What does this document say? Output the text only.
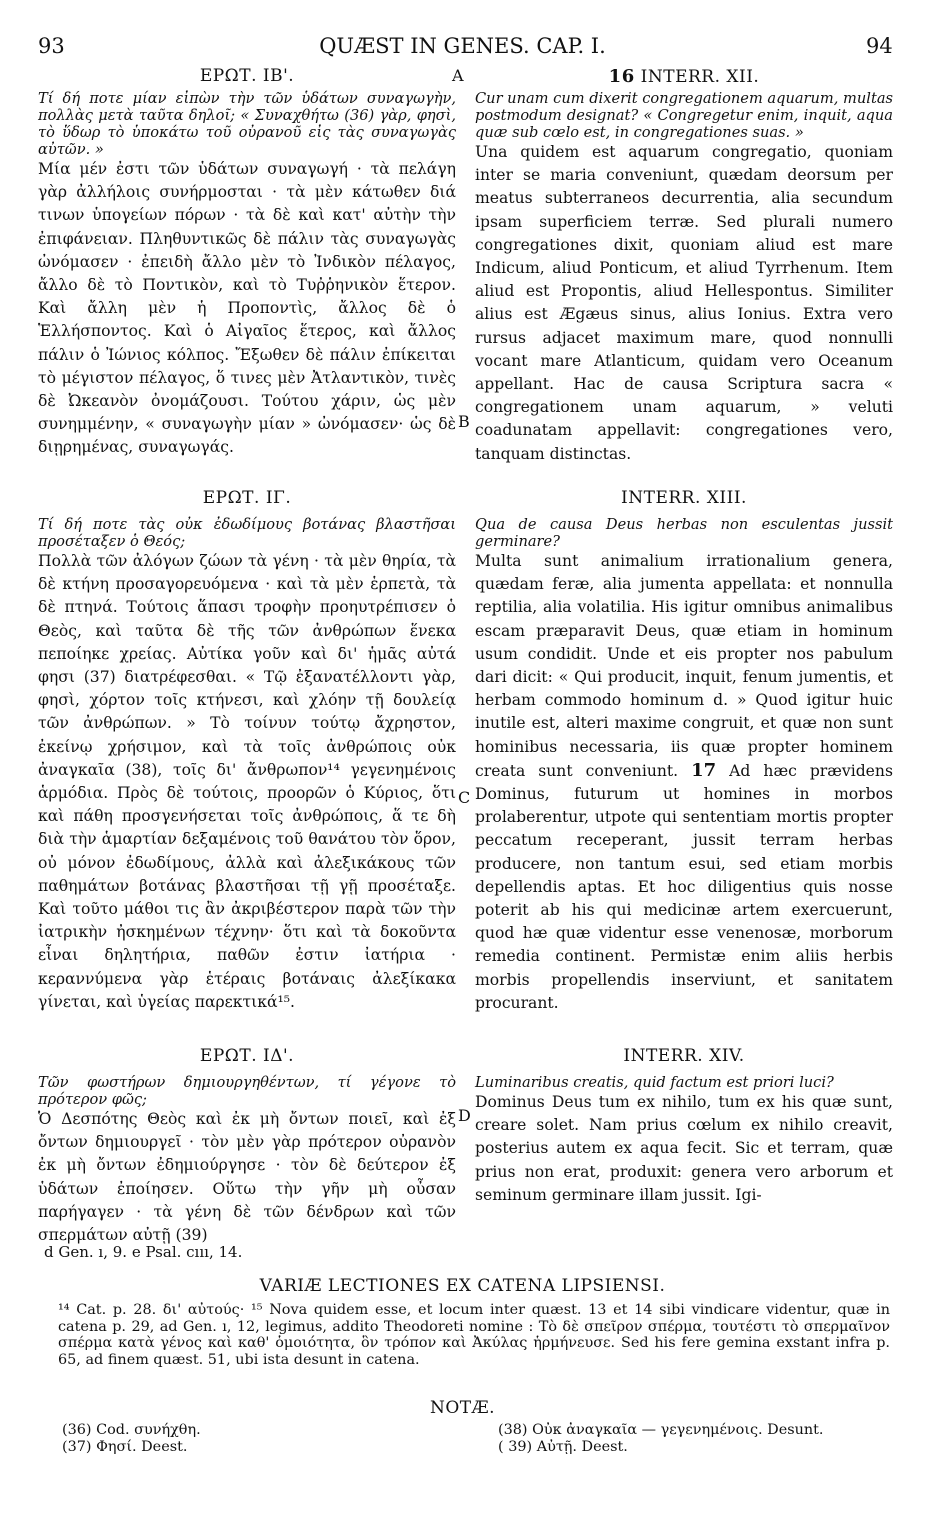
93	QUÆST IN GENES. CAP. I.	94
A
B
C
D
ΕΡΩΤ. ΙΒ'.	16 INTERR. XII.

Τί δή ποτε μίαν εἰπὼν τὴν τῶν ὑδάτων συναγωγὴν, πολλὰς μετὰ ταῦτα δηλοῖ; « Συναχθήτω (36) γὰρ, φησὶ, τὸ ὕδωρ τὸ ὑποκάτω τοῦ οὐρανοῦ εἰς τὰς συναγωγὰς αὐτῶν. »

Μία μέν ἐστι τῶν ὑδάτων συναγωγή · τὰ πελάγη γὰρ ἀλλήλοις συνήρμοσται · τὰ μὲν κάτωθεν διά τινων ὑπογείων πόρων · τὰ δὲ καὶ κατ' αὐτὴν τὴν ἐπιφάνειαν. Πληθυντικῶς δὲ πάλιν τὰς συναγωγὰς ὠνόμασεν · ἐπειδὴ ἄλλο μὲν τὸ Ἰνδικὸν πέλαγος, ἄλλο δὲ τὸ Ποντικὸν, καὶ τὸ Τυῤῥηνικὸν ἕτερον. Καὶ ἄλλη μὲν ἡ Προποντὶς, ἄλλος δὲ ὁ Ἑλλήσποντος. Καὶ ὁ Αἰγαῖος ἕτερος, καὶ ἄλλος πάλιν ὁ Ἰώνιος κόλπος. Ἔξωθεν δὲ πάλιν ἐπίκειται τὸ μέγιστον πέλαγος, ὅ τινες μὲν Ἀτλαντικὸν, τινὲς δὲ Ὠκεανὸν ὀνομάζουσι. Τούτου χάριν, ὡς μὲν συνημμένην, « συναγωγὴν μίαν » ὠνόμασεν· ὡς δὲ διῃρημένας, συναγωγάς.

Cur unam cum dixerit congregationem aquarum, multas postmodum designat? « Congregetur enim, inquit, aqua quæ sub cœlo est, in congregationes suas. »

Una quidem est aquarum congregatio, quoniam inter se maria conveniunt, quædam deorsum per meatus subterraneos decurrentia, alia secundum ipsam superficiem terræ. Sed plurali numero congregationes dixit, quoniam aliud est mare Indicum, aliud Ponticum, et aliud Tyrrhenum. Item aliud est Propontis, aliud Hellespontus. Similiter alius est Ægæus sinus, alius Ionius. Extra vero rursus adjacet maximum mare, quod nonnulli vocant mare Atlanticum, quidam vero Oceanum appellant. Hac de causa Scriptura sacra « congregationem unam aquarum, » veluti coadunatam appellavit: congregationes vero, tanquam distinctas.

ΕΡΩΤ. ΙΓ.	INTERR. XIII.

Τί δή ποτε τὰς οὐκ ἐδωδίμους βοτάνας βλαστῆσαι προσέταξεν ὁ Θεός;

Πολλὰ τῶν ἀλόγων ζώων τὰ γένη · τὰ μὲν θηρία, τὰ δὲ κτήνη προσαγορευόμενα · καὶ τὰ μὲν ἑρπετὰ, τὰ δὲ πτηνά. Τούτοις ἅπασι τροφὴν προηυτρέπισεν ὁ Θεὸς, καὶ ταῦτα δὲ τῆς τῶν ἀνθρώπων ἕνεκα πεποίηκε χρείας. Αὐτίκα γοῦν καὶ δι' ἡμᾶς αὐτά φησι (37) διατρέφεσθαι. « Τῷ ἐξανατέλλοντι γὰρ, φησὶ, χόρτον τοῖς κτήνεσι, καὶ χλόην τῇ δουλείᾳ τῶν ἀνθρώπων. » Τὸ τοίνυν τούτῳ ἄχρηστον, ἐκείνῳ χρήσιμον, καὶ τὰ τοῖς ἀνθρώποις οὐκ ἀναγκαῖα (38), τοῖς δι' ἄνθρωπον¹⁴ γεγενημένοις ἁρμόδια. Πρὸς δὲ τούτοις, προορῶν ὁ Κύριος, ὅτι καὶ πάθη προσγενήσεται τοῖς ἀνθρώποις, ἅ τε δὴ διὰ τὴν ἁμαρτίαν δεξαμένοις τοῦ θανάτου τὸν ὅρον, οὐ μόνον ἐδωδίμους, ἀλλὰ καὶ ἀλεξικάκους τῶν παθημάτων βοτάνας βλαστῆσαι τῇ γῇ προσέταξε. Καὶ τοῦτο μάθοι τις ἂν ἀκριβέστερον παρὰ τῶν τὴν ἰατρικὴν ἠσκημένων τέχνην· ὅτι καὶ τὰ δοκοῦντα εἶναι δηλητήρια, παθῶν ἐστιν ἰατήρια · κεραννύμενα γὰρ ἑτέραις βοτάναις ἀλεξίκακα γίνεται, καὶ ὑγείας παρεκτικά¹⁵.

Qua de causa Deus herbas non esculentas jussit germinare?

Multa sunt animalium irrationalium genera, quædam feræ, alia jumenta appellata: et nonnulla reptilia, alia volatilia. His igitur omnibus animalibus escam præparavit Deus, quæ etiam in hominum usum condidit. Unde et eis propter nos pabulum dari dicit: « Qui producit, inquit, fenum jumentis, et herbam commodo hominum d. » Quod igitur huic inutile est, alteri maxime congruit, et quæ non sunt hominibus necessaria, iis quæ propter hominem creata sunt conveniunt. 17 Ad hæc prævidens Dominus, futurum ut homines in morbos prolaberentur, utpote qui sententiam mortis propter peccatum receperant, jussit terram herbas producere, non tantum esui, sed etiam morbis depellendis aptas. Et hoc diligentius quis nosse poterit ab his qui medicinæ artem exercuerunt, quod hæ quæ videntur esse venenosæ, morborum remedia continent. Permistæ enim aliis herbis morbis propellendis inserviunt, et sanitatem procurant.

ΕΡΩΤ. ΙΔ'.	INTERR. XIV.

Τῶν φωστήρων δημιουργηθέντων, τί γέγονε τὸ πρότερον φῶς;

Ὁ Δεσπότης Θεὸς καὶ ἐκ μὴ ὄντων ποιεῖ, καὶ ἐξ ὄντων δημιουργεῖ · τὸν μὲν γὰρ πρότερον οὐρανὸν ἐκ μὴ ὄντων ἐδημιούργησε · τὸν δὲ δεύτερον ἐξ ὑδάτων ἐποίησεν. Οὕτω τὴν γῆν μὴ οὖσαν παρήγαγεν · τὰ γένη δὲ τῶν δένδρων καὶ τῶν σπερμάτων αὐτῇ (39)

Luminaribus creatis, quid factum est priori luci?

Dominus Deus tum ex nihilo, tum ex his quæ sunt, creare solet. Nam prius cœlum ex nihilo creavit, posterius autem ex aqua fecit. Sic et terram, quæ prius non erat, produxit: genera vero arborum et seminum germinare illam jussit. Igi-

d Gen. ı, 9. e Psal. cııı, 14.
VARIÆ LECTIONES EX CATENA LIPSIENSI.
¹⁴ Cat. p. 28. δι' αὐτούς· ¹⁵ Nova quidem esse, et locum inter quæst. 13 et 14 sibi vindicare videntur, quæ in catena p. 29, ad Gen. ı, 12, legimus, addito Theodoreti nomine : Τὸ δὲ σπεῖρον σπέρμα, τουτέστι τὸ σπερμαῖνον σπέρμα κατὰ γένος καὶ καθ' ὁμοιότητα, ὃν τρόπον καὶ Ἀκύλας ἡρμήνευσε. Sed his fere gemina exstant infra p. 65, ad finem quæst. 51, ubi ista desunt in catena.
NOTÆ.
(36) Cod. συνήχθη.
(37) Φησί. Deest.
(38) Οὐκ ἀναγκαῖα — γεγενημένοις. Desunt.
( 39) Αὐτῇ. Deest.
